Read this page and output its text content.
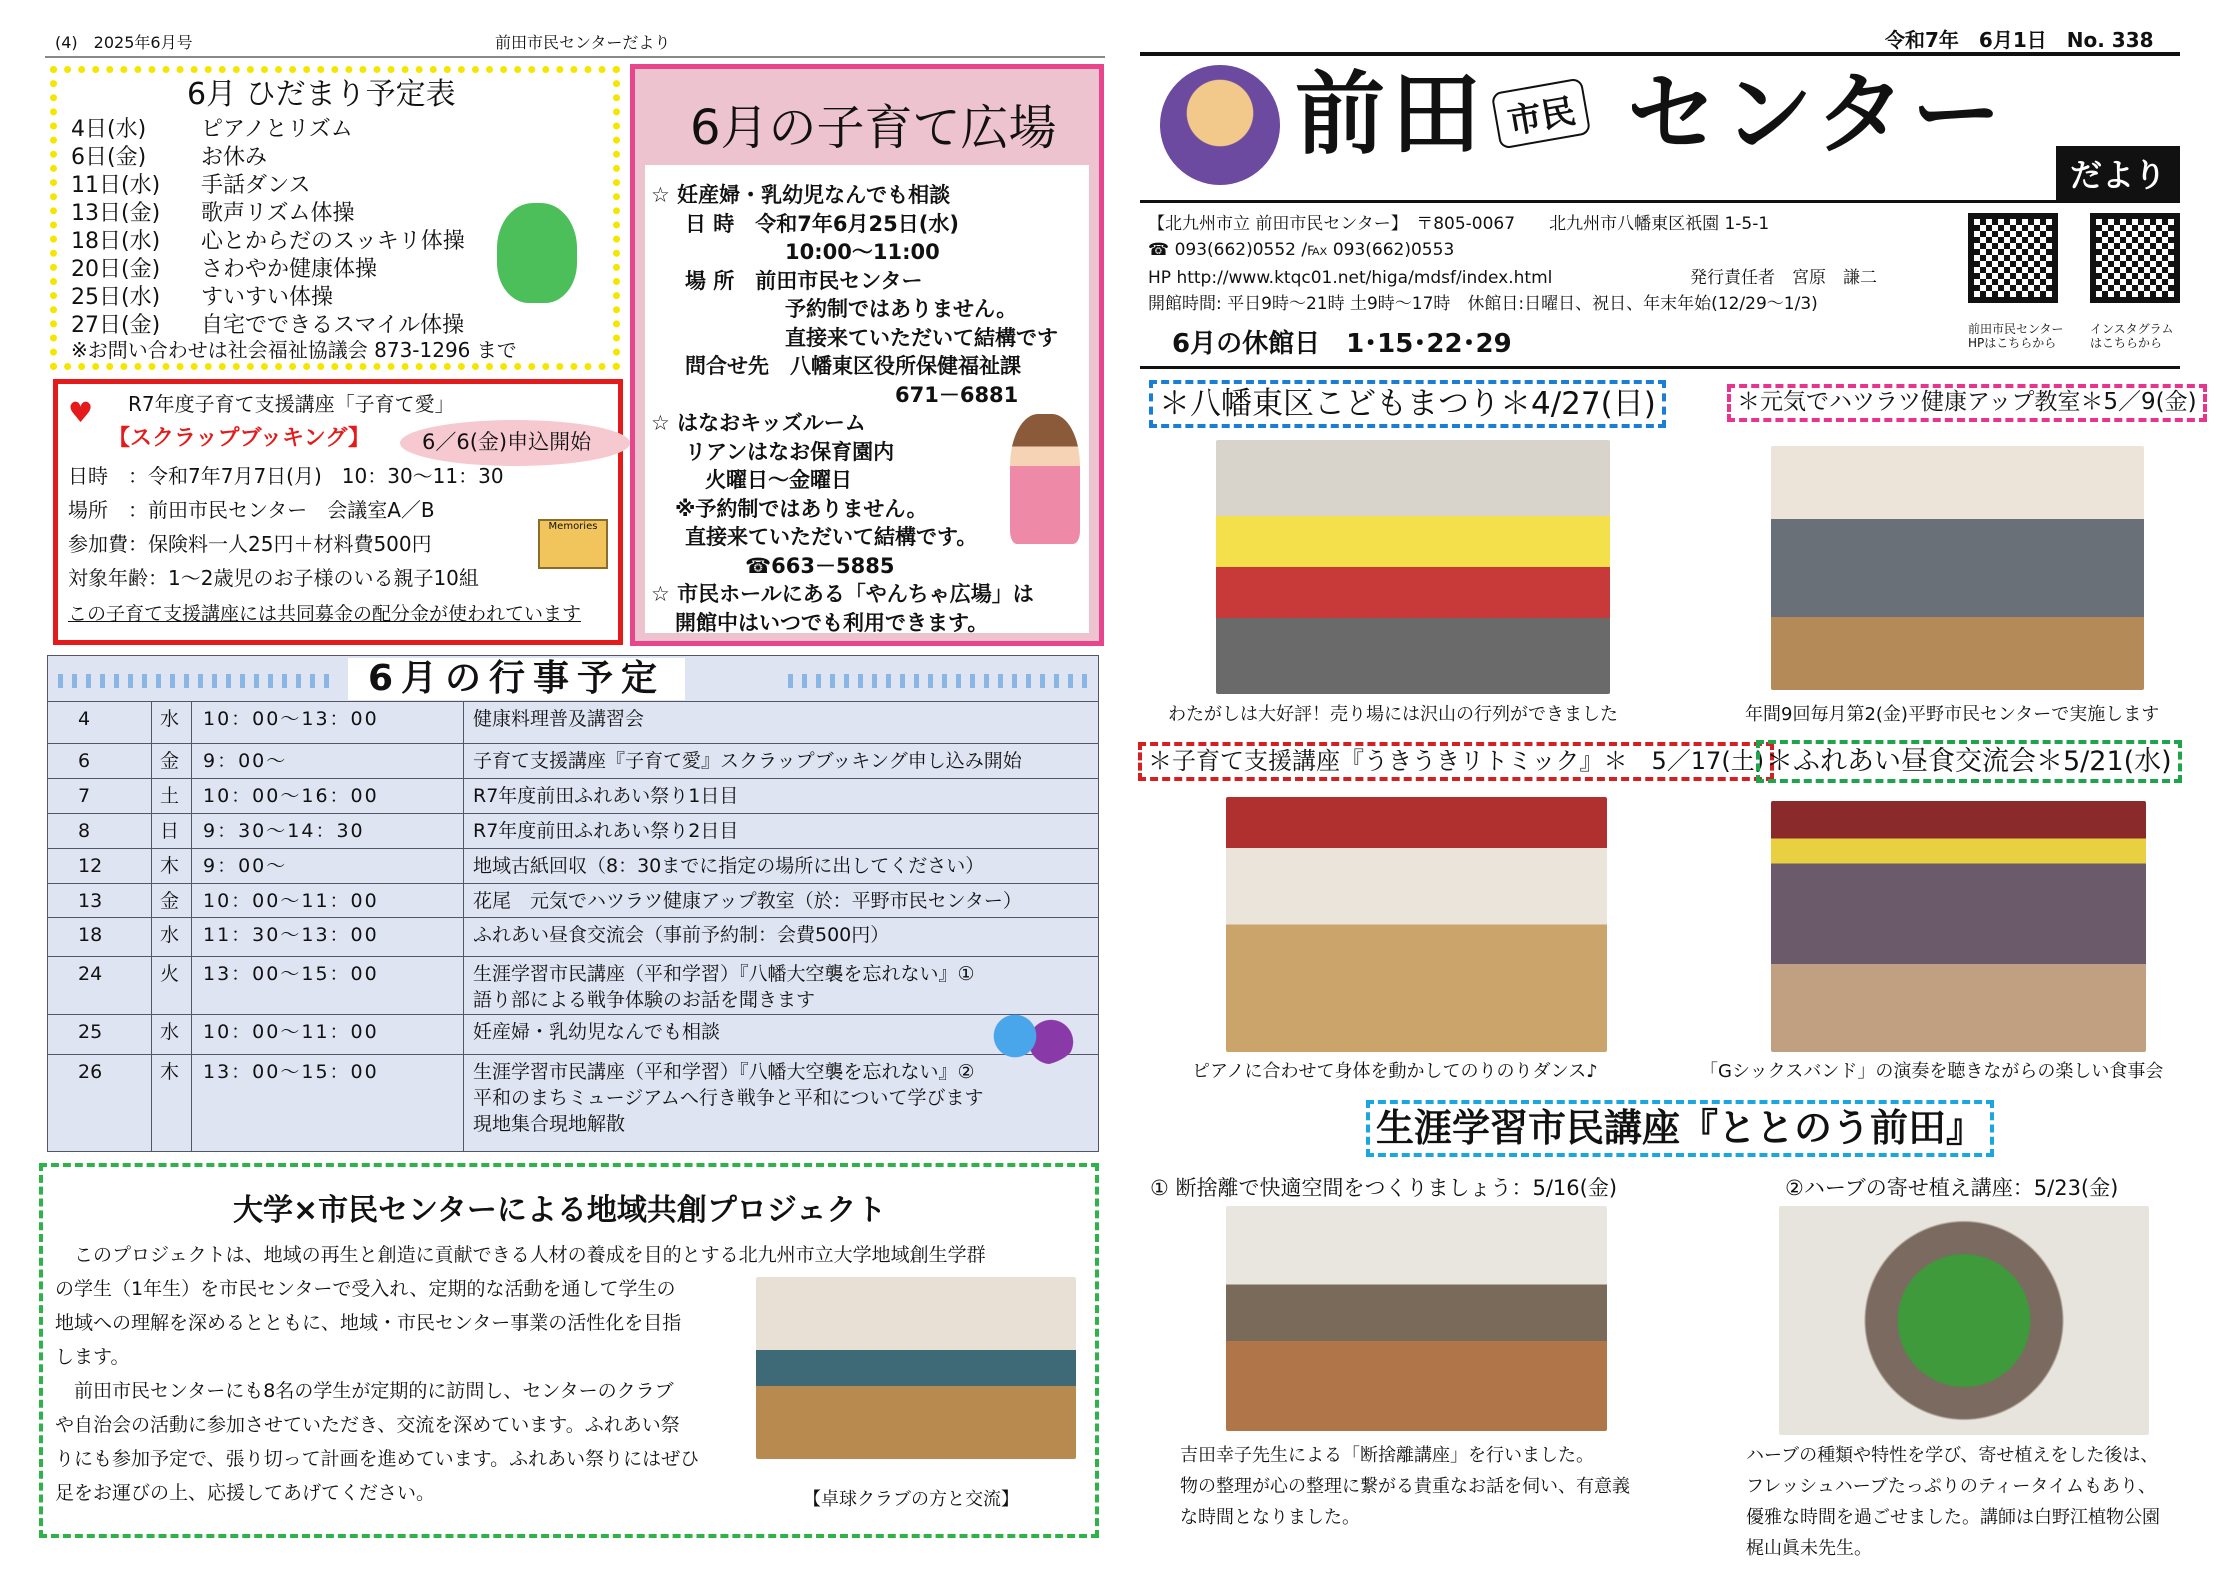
(4)　2025年6月号	前田市民センターだより
6月 ひだまり予定表
4日(水) ピアノとリズム
6日(金) お休み
11日(水) 手話ダンス
13日(金) 歌声リズム体操
18日(水) 心とからだのスッキリ体操
20日(金) さわやか健康体操
25日(水) すいすい体操
27日(金) 自宅でできるスマイル体操
※お問い合わせは社会福祉協議会 873-1296 まで
6月の子育て広場
☆ 妊産婦・乳幼児なんでも相談
日 時　令和7年6月25日(水)
10:00～11:00
場 所　前田市民センター
予約制ではありません。
直接来ていただいて結構です
問合せ先　八幡東区役所保健福祉課
671－6881
☆ はなおキッズルーム
リアンはなお保育園内
火曜日～金曜日
※予約制ではありません。
直接来ていただいて結構です。
☎663－5885
☆ 市民ホールにある「やんちゃ広場」は
開館中はいつでも利用できます。
♥ R7年度子育て支援講座「子育て愛」
【スクラップブッキング】
日時　：令和7年7月7日(月)　10：30～11：30
場所　：前田市民センター　会議室A／B
参加費：保険料一人25円＋材料費500円
対象年齢：1～2歳児のお子様のいる親子10組
この子育て支援講座には共同募金の配分金が使われています
Memories
6／6(金)申込開始
6月の行事予定
4	水 10：00～13：00	健康料理普及講習会
6	金 9：00～	子育て支援講座『子育て愛』スクラップブッキング申し込み開始
7	土 10：00～16：00	R7年度前田ふれあい祭り1日目
8	日 9：30～14：30	R7年度前田ふれあい祭り2日目
12	木 9：00～	地域古紙回収（8：30までに指定の場所に出してください）
13	金 10：00～11：00	花尾　元気でハツラツ健康アップ教室（於：平野市民センター）
18	水 11：30～13：00	ふれあい昼食交流会（事前予約制：会費500円）
24	火 13：00～15：00	生涯学習市民講座（平和学習）『八幡大空襲を忘れない』①
語り部による戦争体験のお話を聞きます
25	水 10：00～11：00	妊産婦・乳幼児なんでも相談
26	木 13：00～15：00	生涯学習市民講座（平和学習）『八幡大空襲を忘れない』②
平和のまちミュージアムへ行き戦争と平和について学びます
現地集合現地解散
大学×市民センターによる地域共創プロジェクト
　このプロジェクトは、地域の再生と創造に貢献できる人材の養成を目的とする北九州市立大学地域創生学群
の学生（1年生）を市民センターで受入れ、定期的な活動を通して学生の
地域への理解を深めるとともに、地域・市民センター事業の活性化を目指
します。
　前田市民センターにも8名の学生が定期的に訪問し、センターのクラブ
や自治会の活動に参加させていただき、交流を深めています。ふれあい祭
りにも参加予定で、張り切って計画を進めています。ふれあい祭りにはぜひ
足をお運びの上、応援してあげてください。	【卓球クラブの方と交流】
令和7年　6月1日　No. 338
前田 センター
市民
だより
【北九州市立 前田市民センター】　〒805-0067　　北九州市八幡東区祇園 1-5-1
☎ 093(662)0552 /℻ 093(662)0553
HP http://www.ktqc01.net/higa/mdsf/index.html	発行責任者　宮原　謙二
開館時間: 平日9時～21時 土9時～17時　休館日:日曜日、祝日、年末年始(12/29～1/3)
6月の休館日　1･15･22･29	前田市民センター
HPはこちらから
インスタグラム
はこちらから
＊八幡東区こどもまつり＊4/27(日)
わたがしは大好評！売り場には沢山の行列ができました
＊元気でハツラツ健康アップ教室＊5／9(金)
年間9回毎月第2(金)平野市民センターで実施します
＊子育て支援講座『うきうきリトミック』＊　5／17(土)
ピアノに合わせて身体を動かしてのりのりダンス♪
＊ふれあい昼食交流会＊5/21(水)
「Gシックスバンド」の演奏を聴きながらの楽しい食事会
生涯学習市民講座『ととのう前田』
① 断捨離で快適空間をつくりましょう：5/16(金)	②ハーブの寄せ植え講座：5/23(金)
吉田幸子先生による「断捨離講座」を行いました。
物の整理が心の整理に繋がる貴重なお話を伺い、有意義
な時間となりました。
ハーブの種類や特性を学び、寄せ植えをした後は、
フレッシュハーブたっぷりのティータイムもあり、
優雅な時間を過ごせました。講師は白野江植物公園
梶山眞未先生。
